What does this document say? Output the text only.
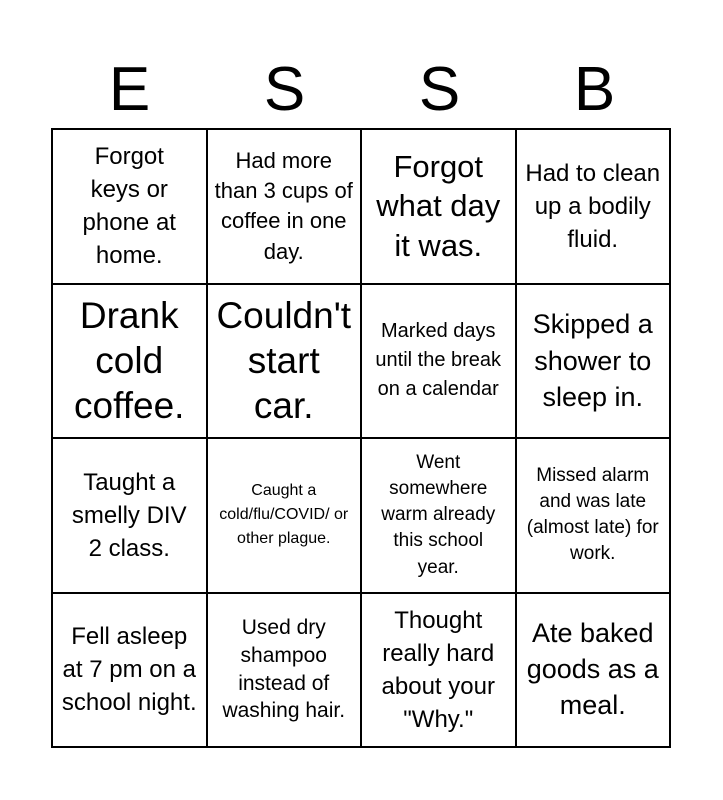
E	S	S	B
Forgot keys or phone at home.
Had more than 3 cups of coffee in one day.
Forgot what day it was.
Had to clean up a bodily fluid.
Drank cold coffee.
Couldn't start car.
Marked days until the break on a calendar
Skipped a shower to sleep in.
Taught a smelly DIV 2 class.
Caught a cold/flu/COVID/ or other plague.
Went somewhere warm already this school year.
Missed alarm and was late (almost late) for work.
Fell asleep at 7 pm on a school night.
Used dry shampoo instead of washing hair.
Thought really hard about your "Why."
Ate baked goods as a meal.
